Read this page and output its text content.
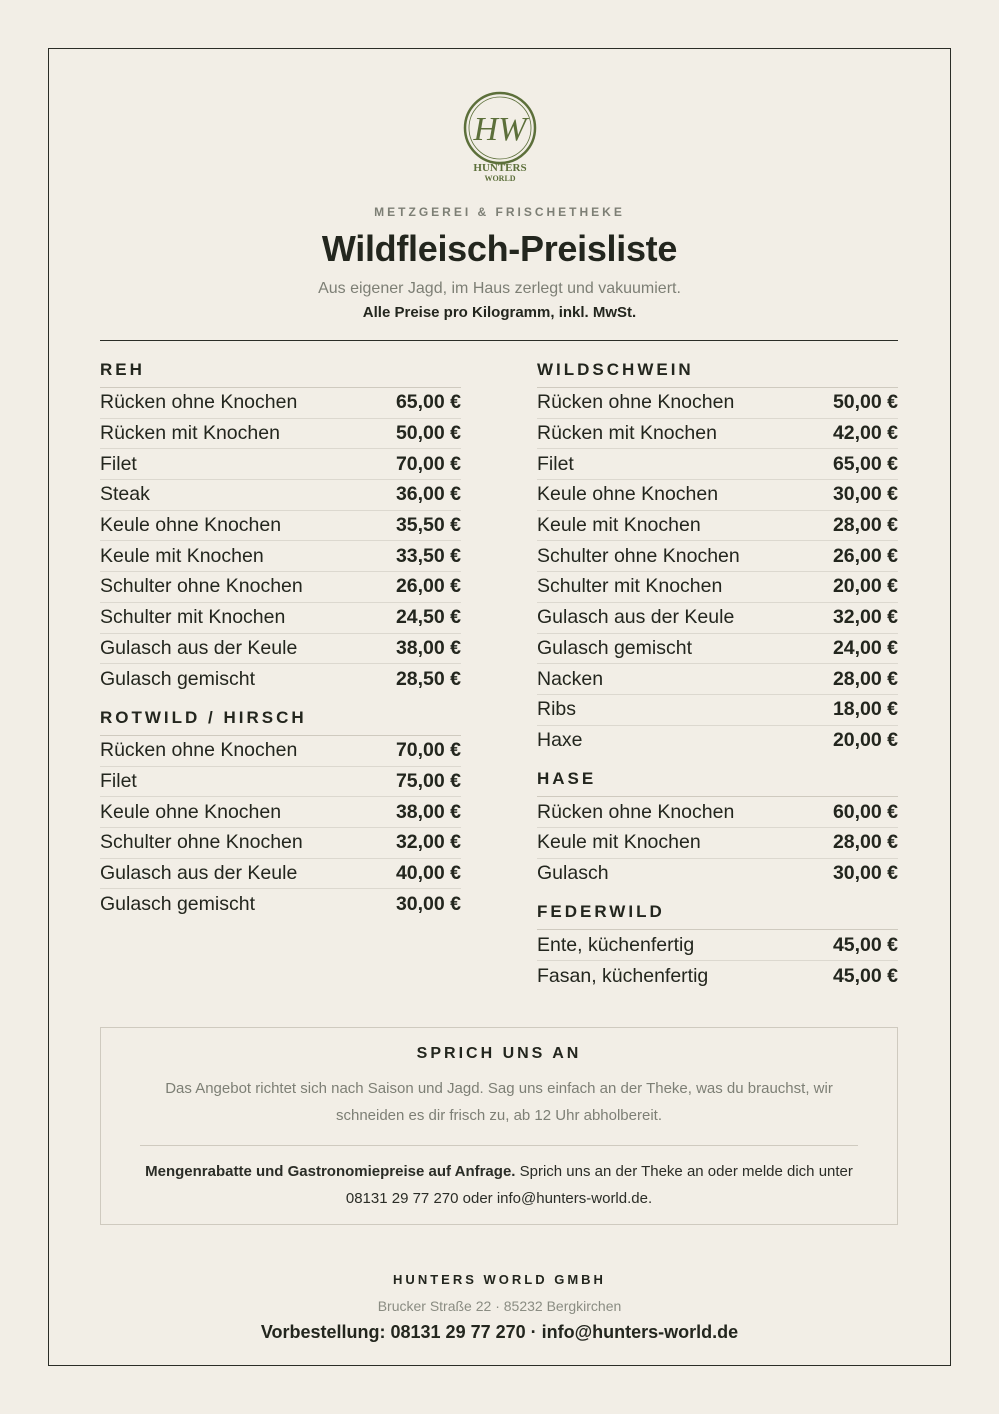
HW
HUNTERS
WORLD
METZGEREI & FRISCHETHEKE
Wildfleisch-Preisliste
Aus eigener Jagd, im Haus zerlegt und vakuumiert.
Alle Preise pro Kilogramm, inkl. MwSt.
REH
Rücken ohne Knochen	65,00 €
Rücken mit Knochen	50,00 €
Filet	70,00 €
Steak	36,00 €
Keule ohne Knochen	35,50 €
Keule mit Knochen	33,50 €
Schulter ohne Knochen	26,00 €
Schulter mit Knochen	24,50 €
Gulasch aus der Keule	38,00 €
Gulasch gemischt	28,50 €
ROTWILD / HIRSCH
Rücken ohne Knochen	70,00 €
Filet	75,00 €
Keule ohne Knochen	38,00 €
Schulter ohne Knochen	32,00 €
Gulasch aus der Keule	40,00 €
Gulasch gemischt	30,00 €
WILDSCHWEIN
Rücken ohne Knochen	50,00 €
Rücken mit Knochen	42,00 €
Filet	65,00 €
Keule ohne Knochen	30,00 €
Keule mit Knochen	28,00 €
Schulter ohne Knochen	26,00 €
Schulter mit Knochen	20,00 €
Gulasch aus der Keule	32,00 €
Gulasch gemischt	24,00 €
Nacken	28,00 €
Ribs	18,00 €
Haxe	20,00 €
HASE
Rücken ohne Knochen	60,00 €
Keule mit Knochen	28,00 €
Gulasch	30,00 €
FEDERWILD
Ente, küchenfertig	45,00 €
Fasan, küchenfertig	45,00 €
SPRICH UNS AN
Das Angebot richtet sich nach Saison und Jagd. Sag uns einfach an der Theke, was du brauchst, wir schneiden es dir frisch zu, ab 12 Uhr abholbereit.
Mengenrabatte und Gastronomiepreise auf Anfrage. Sprich uns an der Theke an oder melde dich unter 08131 29 77 270 oder info@hunters-world.de.
HUNTERS WORLD GMBH
Brucker Straße 22 · 85232 Bergkirchen
Vorbestellung: 08131 29 77 270 · info@hunters-world.de
